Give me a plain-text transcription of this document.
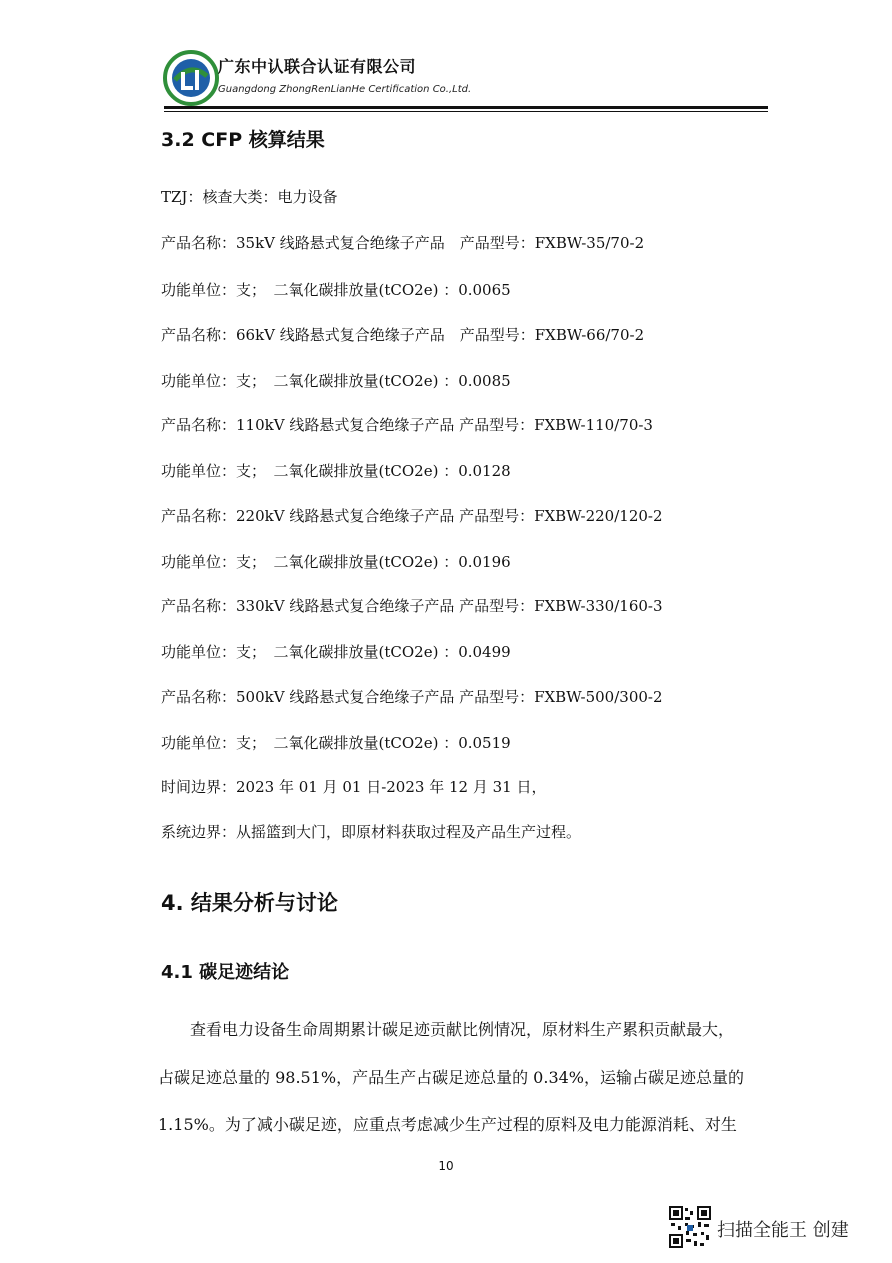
广东中认联合认证有限公司
Guangdong ZhongRenLianHe Certification Co.,Ltd.
3.2 CFP 核算结果
TZJ：核查大类：电力设备
产品名称：35kV 线路悬式复合绝缘子产品　产品型号：FXBW-35/70-2
功能单位：支；　二氧化碳排放量(tCO2e) ：0.0065
产品名称：66kV 线路悬式复合绝缘子产品　产品型号：FXBW-66/70-2
功能单位：支；　二氧化碳排放量(tCO2e) ：0.0085
产品名称：110kV 线路悬式复合绝缘子产品 产品型号：FXBW-110/70-3
功能单位：支；　二氧化碳排放量(tCO2e) ：0.0128
产品名称：220kV 线路悬式复合绝缘子产品 产品型号：FXBW-220/120-2
功能单位：支；　二氧化碳排放量(tCO2e) ：0.0196
产品名称：330kV 线路悬式复合绝缘子产品 产品型号：FXBW-330/160-3
功能单位：支；　二氧化碳排放量(tCO2e) ：0.0499
产品名称：500kV 线路悬式复合绝缘子产品 产品型号：FXBW-500/300-2
功能单位：支；　二氧化碳排放量(tCO2e) ：0.0519
时间边界：2023 年 01 月 01 日-2023 年 12 月 31 日，
系统边界：从摇篮到大门，即原材料获取过程及产品生产过程。
4. 结果分析与讨论
4.1 碳足迹结论
　　查看电力设备生命周期累计碳足迹贡献比例情况，原材料生产累积贡献最大，
占碳足迹总量的 98.51%，产品生产占碳足迹总量的 0.34%，运输占碳足迹总量的
1.15%。为了减小碳足迹，应重点考虑减少生产过程的原料及电力能源消耗、对生
10
扫描全能王 创建
